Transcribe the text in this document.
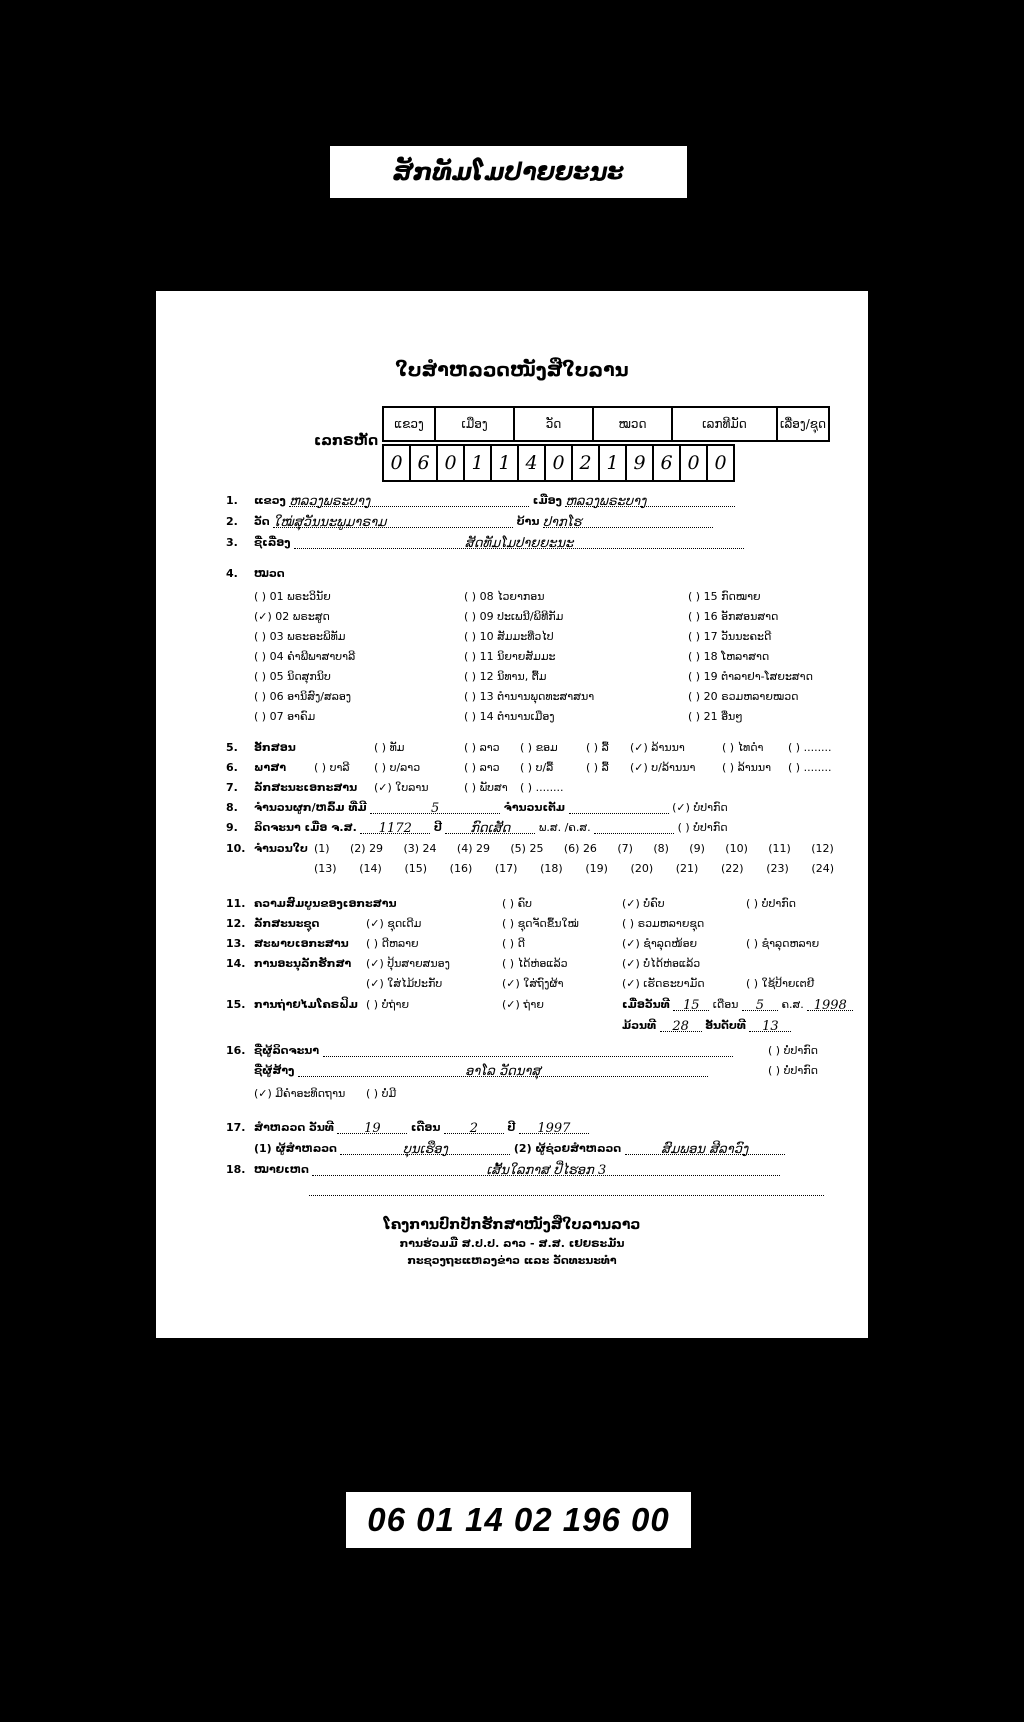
ສັກທັມໂມປາຍຍະນະ
ໃບສຳຫລວດໜັງສືໃບລານ
ເລກຣຫັດ
ແຂວງ	ເມືອງ	ວັດ	ໝວດ	ເລກທີມັດ	ເລື່ອງ/ຊຸດ
0	6	0	1	1	4	0	2	1	9	6	0	0
1. ແຂວງ ຫລວງພຣະບາງ	ເມືອງ ຫລວງພຣະບາງ
2. ວັດ ໃໝ່ສຸວັນນະພູມາຣາມ	ບ້ານ ປາກໂຮ
3. ຊື່ເລື່ອງ	ສັດທັມໂມປາຍຍະນະ
4. ໝວດ
( ) 01 ພຣະວິນັຍ
(✓) 02 ພຣະສູດ
( ) 03 ພຣະອະພິທັມ
( ) 04 ຄຳພີພາສາບາລີ
( ) 05 ນິດສຸກນິບ
( ) 06 ອານິສົງ/ສລອງ
( ) 07 ອາຄົມ
( ) 08 ໄວຍາກອນ
( ) 09 ປະເພນີ/ພິທີກັມ
( ) 10 ສັມມະທີ່ວໄປ
( ) 11 ນິຍາຍສັມມະ
( ) 12 ນິທານ, ຕື້ມ
( ) 13 ຕຳນານພຸດທະສາສນາ
( ) 14 ຕຳນານເມືອງ
( ) 15 ກົດໝາຍ
( ) 16 ອັກສອນສາດ
( ) 17 ວັນນະຄະດີ
( ) 18 ໂຫລາສາດ
( ) 19 ຕຳລາຢາ-ໂສຍະສາດ
( ) 20 ຣວມຫລາຍໝວດ
( ) 21 ອື່ນໆ
5. ອັກສອນ	( ) ທັມ	( ) ລາວ ( ) ຂອມ	( ) ລື້ (✓) ລ້ານນາ	( ) ໄທດຳ ( ) ........
6. ພາສາ	( ) ບາລີ ( ) ບ/ລາວ	( ) ລາວ ( ) ບ/ລື້	( ) ລື້ (✓) ບ/ລ້ານນາ ( ) ລ້ານນາ ( ) ........
7. ລັກສະນະເອກະສານ (✓) ໃບລານ	( ) ພັບສາ ( ) ........
8. ຈຳນວນຜູກ/ຫລົ້ມ ທີ່ມີ	5	ຈຳນວນເຕັມ	(✓) ບໍ່ປາກົດ
9. ລິດຈະນາ ເມື່ອ ຈ.ສ. 1172 ປີ ກົດເສັດ	ພ.ສ. /ຄ.ສ.	( ) ບໍ່ປາກົດ
10. ຈຳນວນໃບ (1) (2) 29 (3) 24 (4) 29 (5) 25 (6) 26 (7) (8) (9) (10) (11) (12)
(13) (14) (15) (16) (17) (18) (19) (20) (21) (22) (23) (24)
11. ຄວາມສົມບູນຂອງເອກະສານ	( ) ຄົບ	(✓) ບໍ່ຄົບ	( ) ບໍ່ປາກົດ
12. ລັກສະນະຊຸດ	(✓) ຊຸດເດີມ	( ) ຊຸດຈັດຂຶ້ນໃໝ່	( ) ຣວມຫລາຍຊຸດ
13. ສະພາບເອກະສານ ( ) ດີຫລາຍ	( ) ດີ	(✓) ຊຳລຸດໜ້ອຍ	( ) ຊຳລຸດຫລາຍ
14. ການອະນຸລັກຮັກສາ (✓) ປຸ້ນສາຍສນອງ	( ) ໄດ້ຫ່ອແລ້ວ	(✓) ບໍ່ໄດ້ຫ່ອແລ້ວ
(✓) ໃສ່ໄມ້ປະກັບ	(✓) ໃສ່ຖົງຜ້າ	(✓) ເຮັດຣະບາມັດ	( ) ໃຊ້ປ້າຍເຕຢີ
15. ການຖ່າຍໄມໂຄຣຟິມ ( ) ບໍ່ຖ່າຍ	(✓) ຖ່າຍ	ເມື່ອວັນທີ 15 ເດືອນ 5 ຄ.ສ. 1998
ມ້ວນທີ 28 ອັນດັບທີ 13
16. ຊື່ຜູ້ລິດຈະນາ	( ) ບໍ່ປາກົດ
ຊື່ຜູ້ສ້າງ	ອາໂລ ວັດນາສຸ	( ) ບໍ່ປາກົດ
(✓) ມີຄຳອະທິດຖານ ( ) ບໍ່ມີ
17. ສຳຫລວດ ວັນທີ 19	ເດືອນ 2	ປີ 1997
(1) ຜູ້ສຳຫລວດ	ບຸນເຮືອງ	(2) ຜູ້ຊ່ວຍສຳຫລວດ	ສົມພອນ ສີລາວົງ
18. ໝາຍເຫດ	ເສັ້ນໃລກາສ ປີ່ໄຮອກ 3
ໂຄງການປົກປັກຮັກສາໜັງສືໃບລານລາວ
ການຮ່ວມມື ສ.ປ.ປ. ລາວ - ສ.ສ. ເຢຍຣະມັນ
ກະຊວງຖະແຫລງຂ່າວ ແລະ ວັດທະນະທຳ
06 01 14 02 196 00
